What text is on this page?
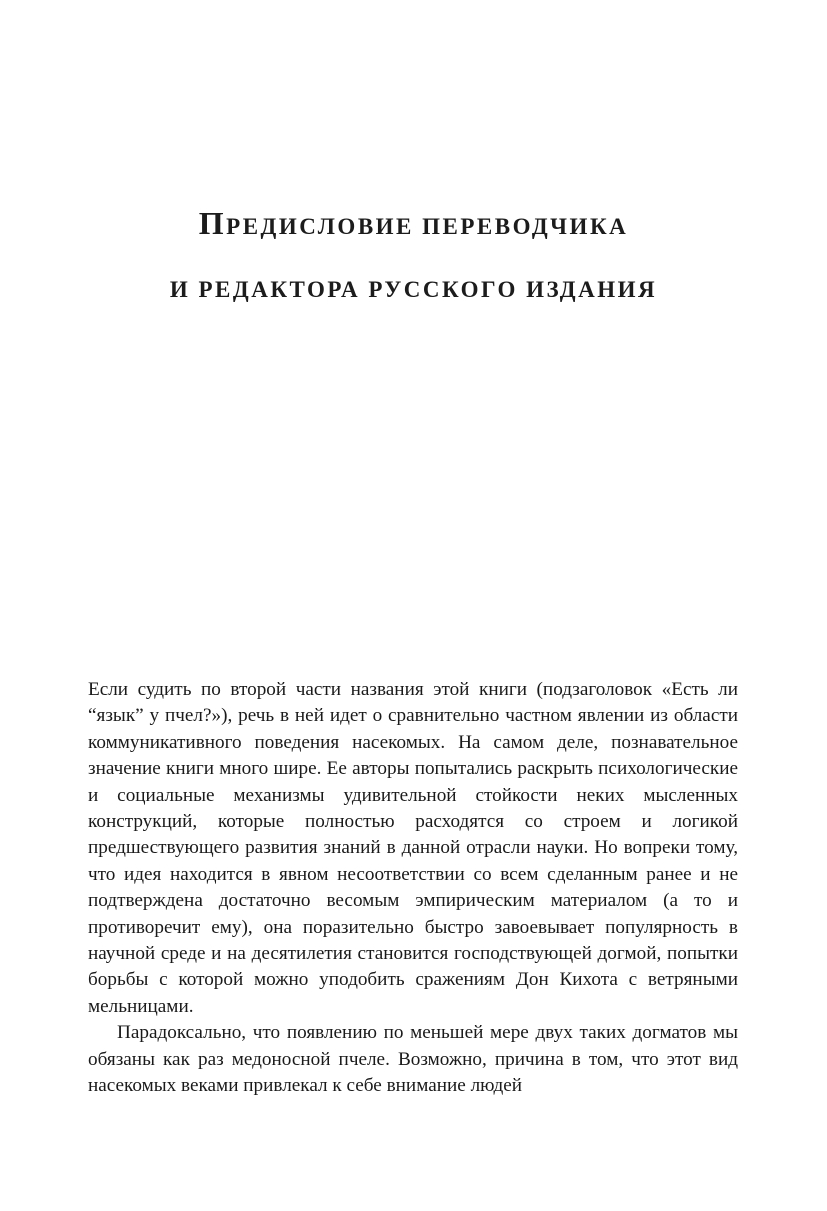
ПРЕДИСЛОВИЕ ПЕРЕВОДЧИКА
И РЕДАКТОРА РУССКОГО ИЗДАНИЯ

Если судить по второй части названия этой книги (подзаголовок «Есть ли “язык” у пчел?»), речь в ней идет о сравнительно частном явлении из области коммуникативного поведения насекомых. На самом деле, познавательное значение книги много шире. Ее авторы попытались раскрыть психологические и социальные механизмы удивительной стойкости неких мысленных конструкций, которые полностью расходятся со строем и логикой предшествующего развития знаний в данной отрасли науки. Но вопреки тому, что идея находится в явном несоответствии со всем сделанным ранее и не подтверждена достаточно весомым эмпирическим материалом (а то и противоречит ему), она поразительно быстро завоевывает популярность в научной среде и на десятилетия становится господствующей догмой, попытки борьбы с которой можно уподобить сражениям Дон Кихота с ветряными мельницами.

Парадоксально, что появлению по меньшей мере двух таких догматов мы обязаны как раз медоносной пчеле. Возможно, причина в том, что этот вид насекомых веками привлекал к себе внимание людей
